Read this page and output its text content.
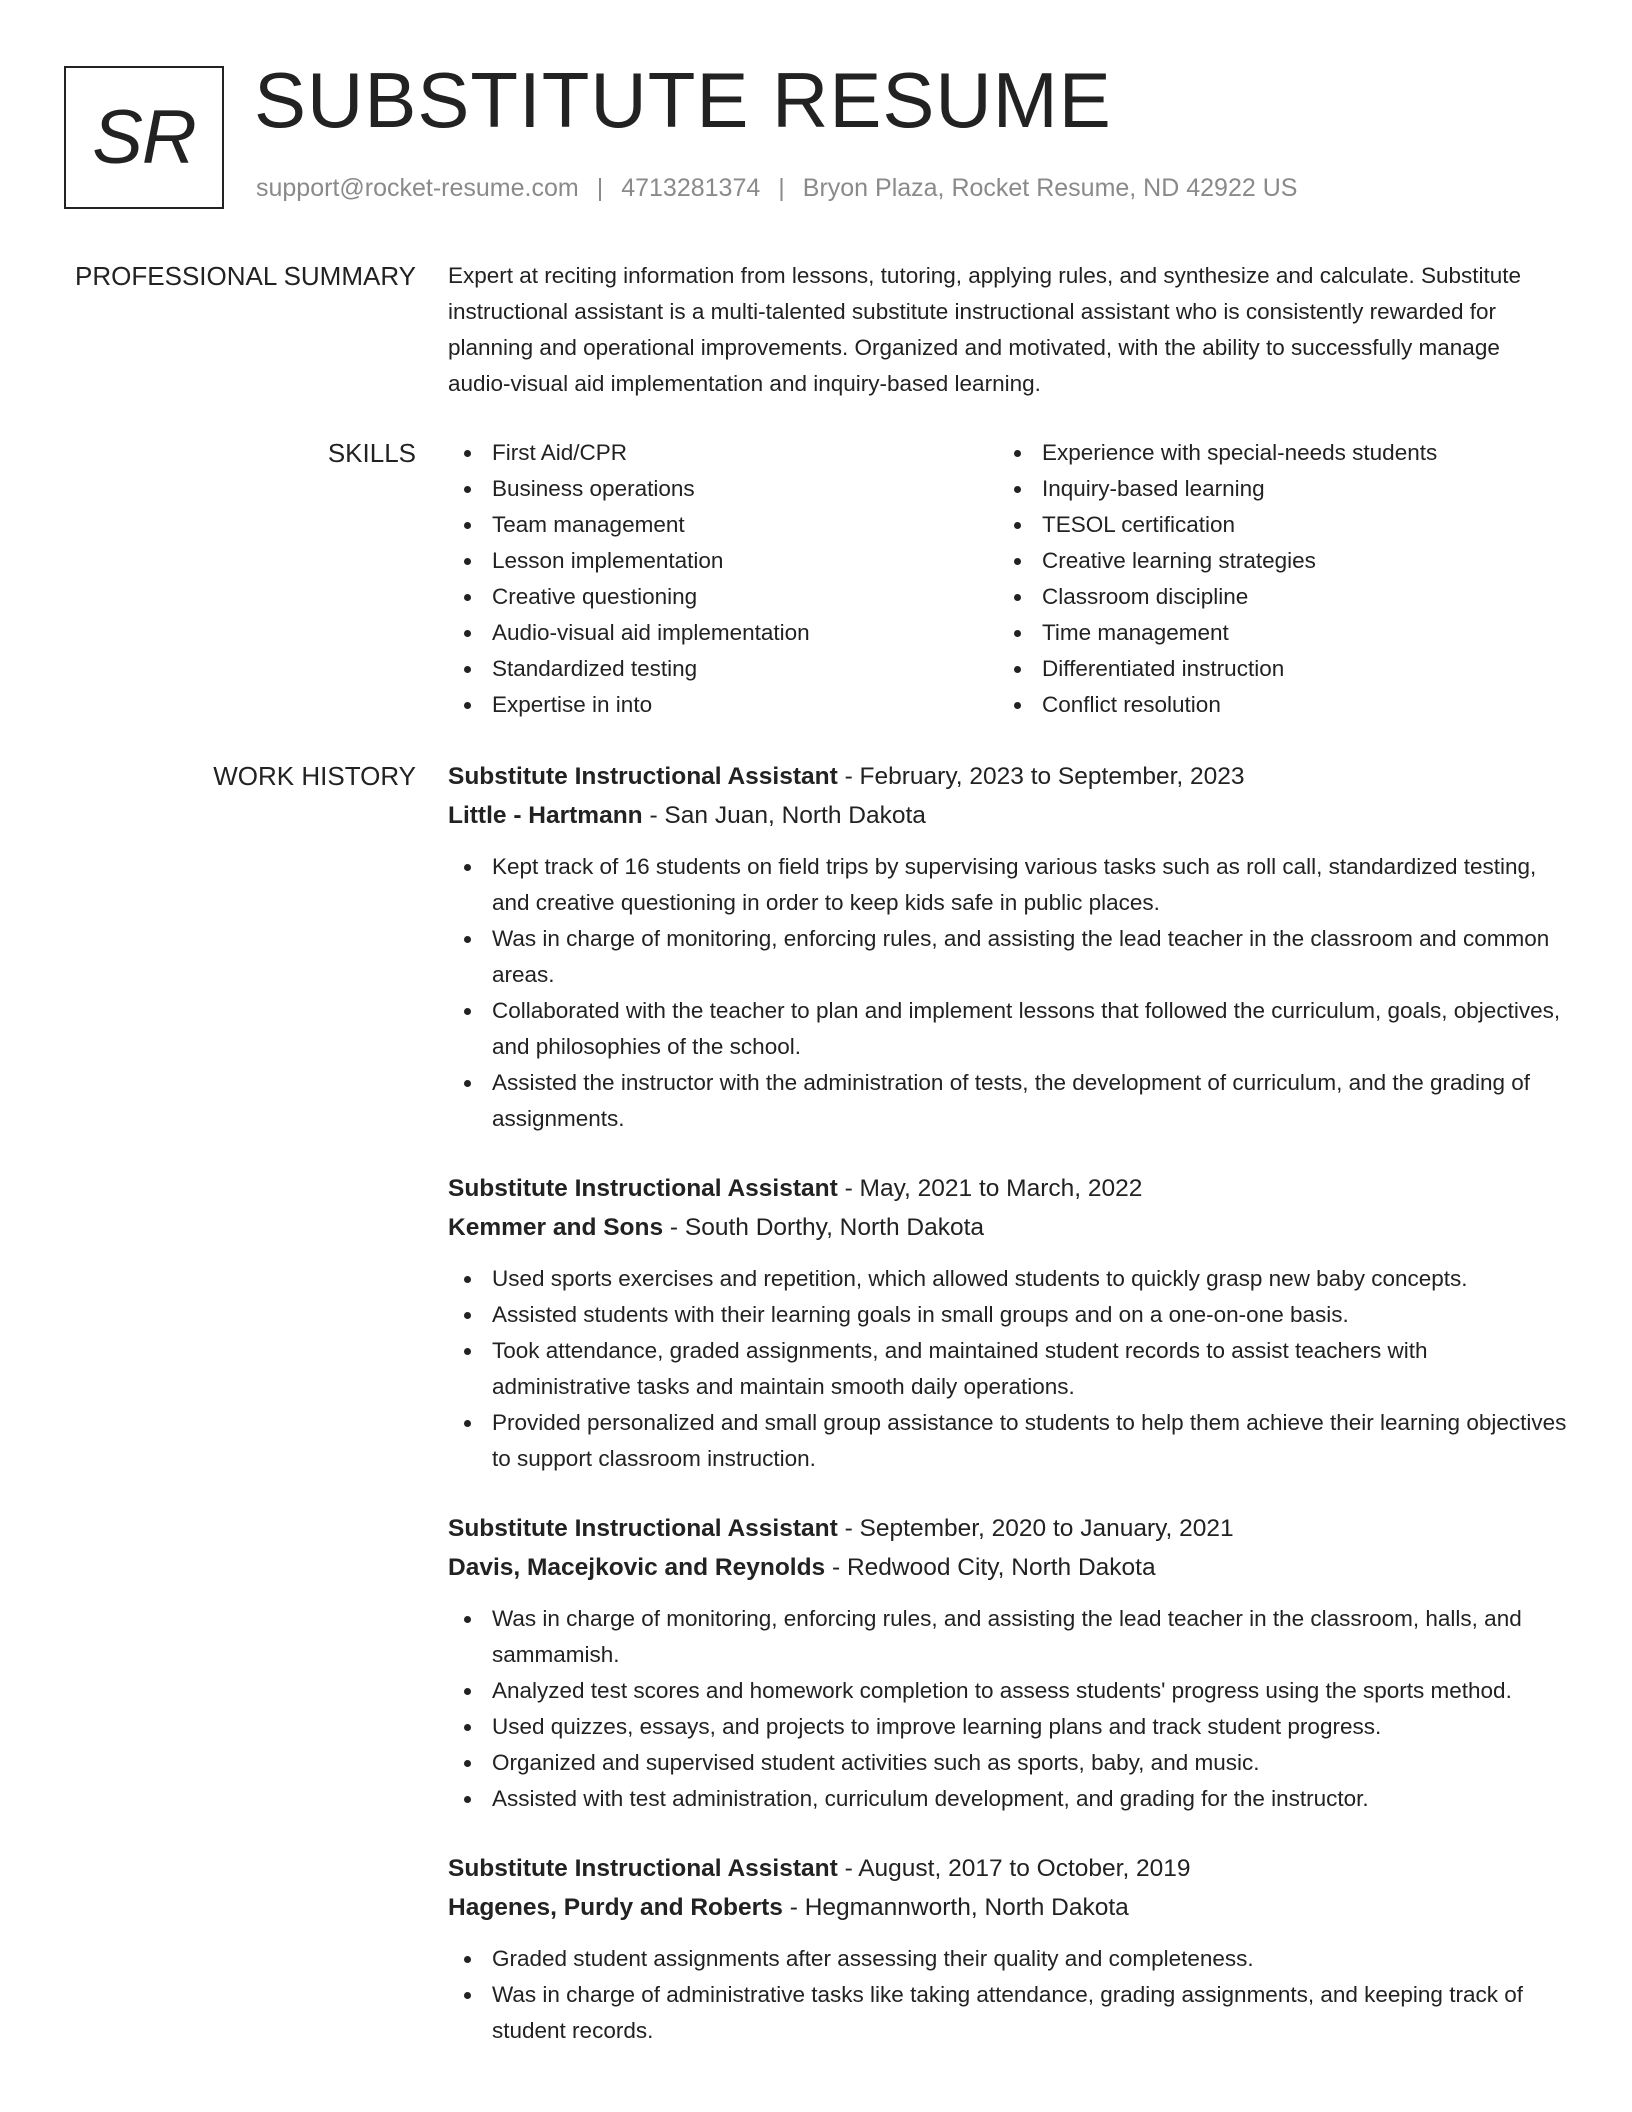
SR SUBSTITUTE RESUME
support@rocket-resume.com | 4713281374 | Bryon Plaza, Rocket Resume, ND 42922 US
PROFESSIONAL SUMMARY Expert at reciting information from lessons, tutoring, applying rules, and synthesize and calculate. Substitute instructional assistant is a multi-talented substitute instructional assistant who is consistently rewarded for planning and operational improvements. Organized and motivated, with the ability to successfully manage audio-visual aid implementation and inquiry-based learning.

SKILLS	First Aid/CPR
Business operations
Team management
Lesson implementation
Creative questioning
Audio-visual aid implementation
Standardized testing
Expertise in into
Experience with special-needs students
Inquiry-based learning
TESOL certification
Creative learning strategies
Classroom discipline
Time management
Differentiated instruction
Conflict resolution
WORK HISTORY Substitute Instructional Assistant - February, 2023 to September, 2023
Little - Hartmann - San Juan, North Dakota
Kept track of 16 students on field trips by supervising various tasks such as roll call, standardized testing, and creative questioning in order to keep kids safe in public places.
Was in charge of monitoring, enforcing rules, and assisting the lead teacher in the classroom and common areas.
Collaborated with the teacher to plan and implement lessons that followed the curriculum, goals, objectives, and philosophies of the school.
Assisted the instructor with the administration of tests, the development of curriculum, and the grading of assignments.
Substitute Instructional Assistant - May, 2021 to March, 2022
Kemmer and Sons - South Dorthy, North Dakota
Used sports exercises and repetition, which allowed students to quickly grasp new baby concepts.
Assisted students with their learning goals in small groups and on a one-on-one basis.
Took attendance, graded assignments, and maintained student records to assist teachers with administrative tasks and maintain smooth daily operations.
Provided personalized and small group assistance to students to help them achieve their learning objectives to support classroom instruction.
Substitute Instructional Assistant - September, 2020 to January, 2021
Davis, Macejkovic and Reynolds - Redwood City, North Dakota
Was in charge of monitoring, enforcing rules, and assisting the lead teacher in the classroom, halls, and sammamish.
Analyzed test scores and homework completion to assess students' progress using the sports method.
Used quizzes, essays, and projects to improve learning plans and track student progress.
Organized and supervised student activities such as sports, baby, and music.
Assisted with test administration, curriculum development, and grading for the instructor.
Substitute Instructional Assistant - August, 2017 to October, 2019
Hagenes, Purdy and Roberts - Hegmannworth, North Dakota
Graded student assignments after assessing their quality and completeness.
Was in charge of administrative tasks like taking attendance, grading assignments, and keeping track of student records.
